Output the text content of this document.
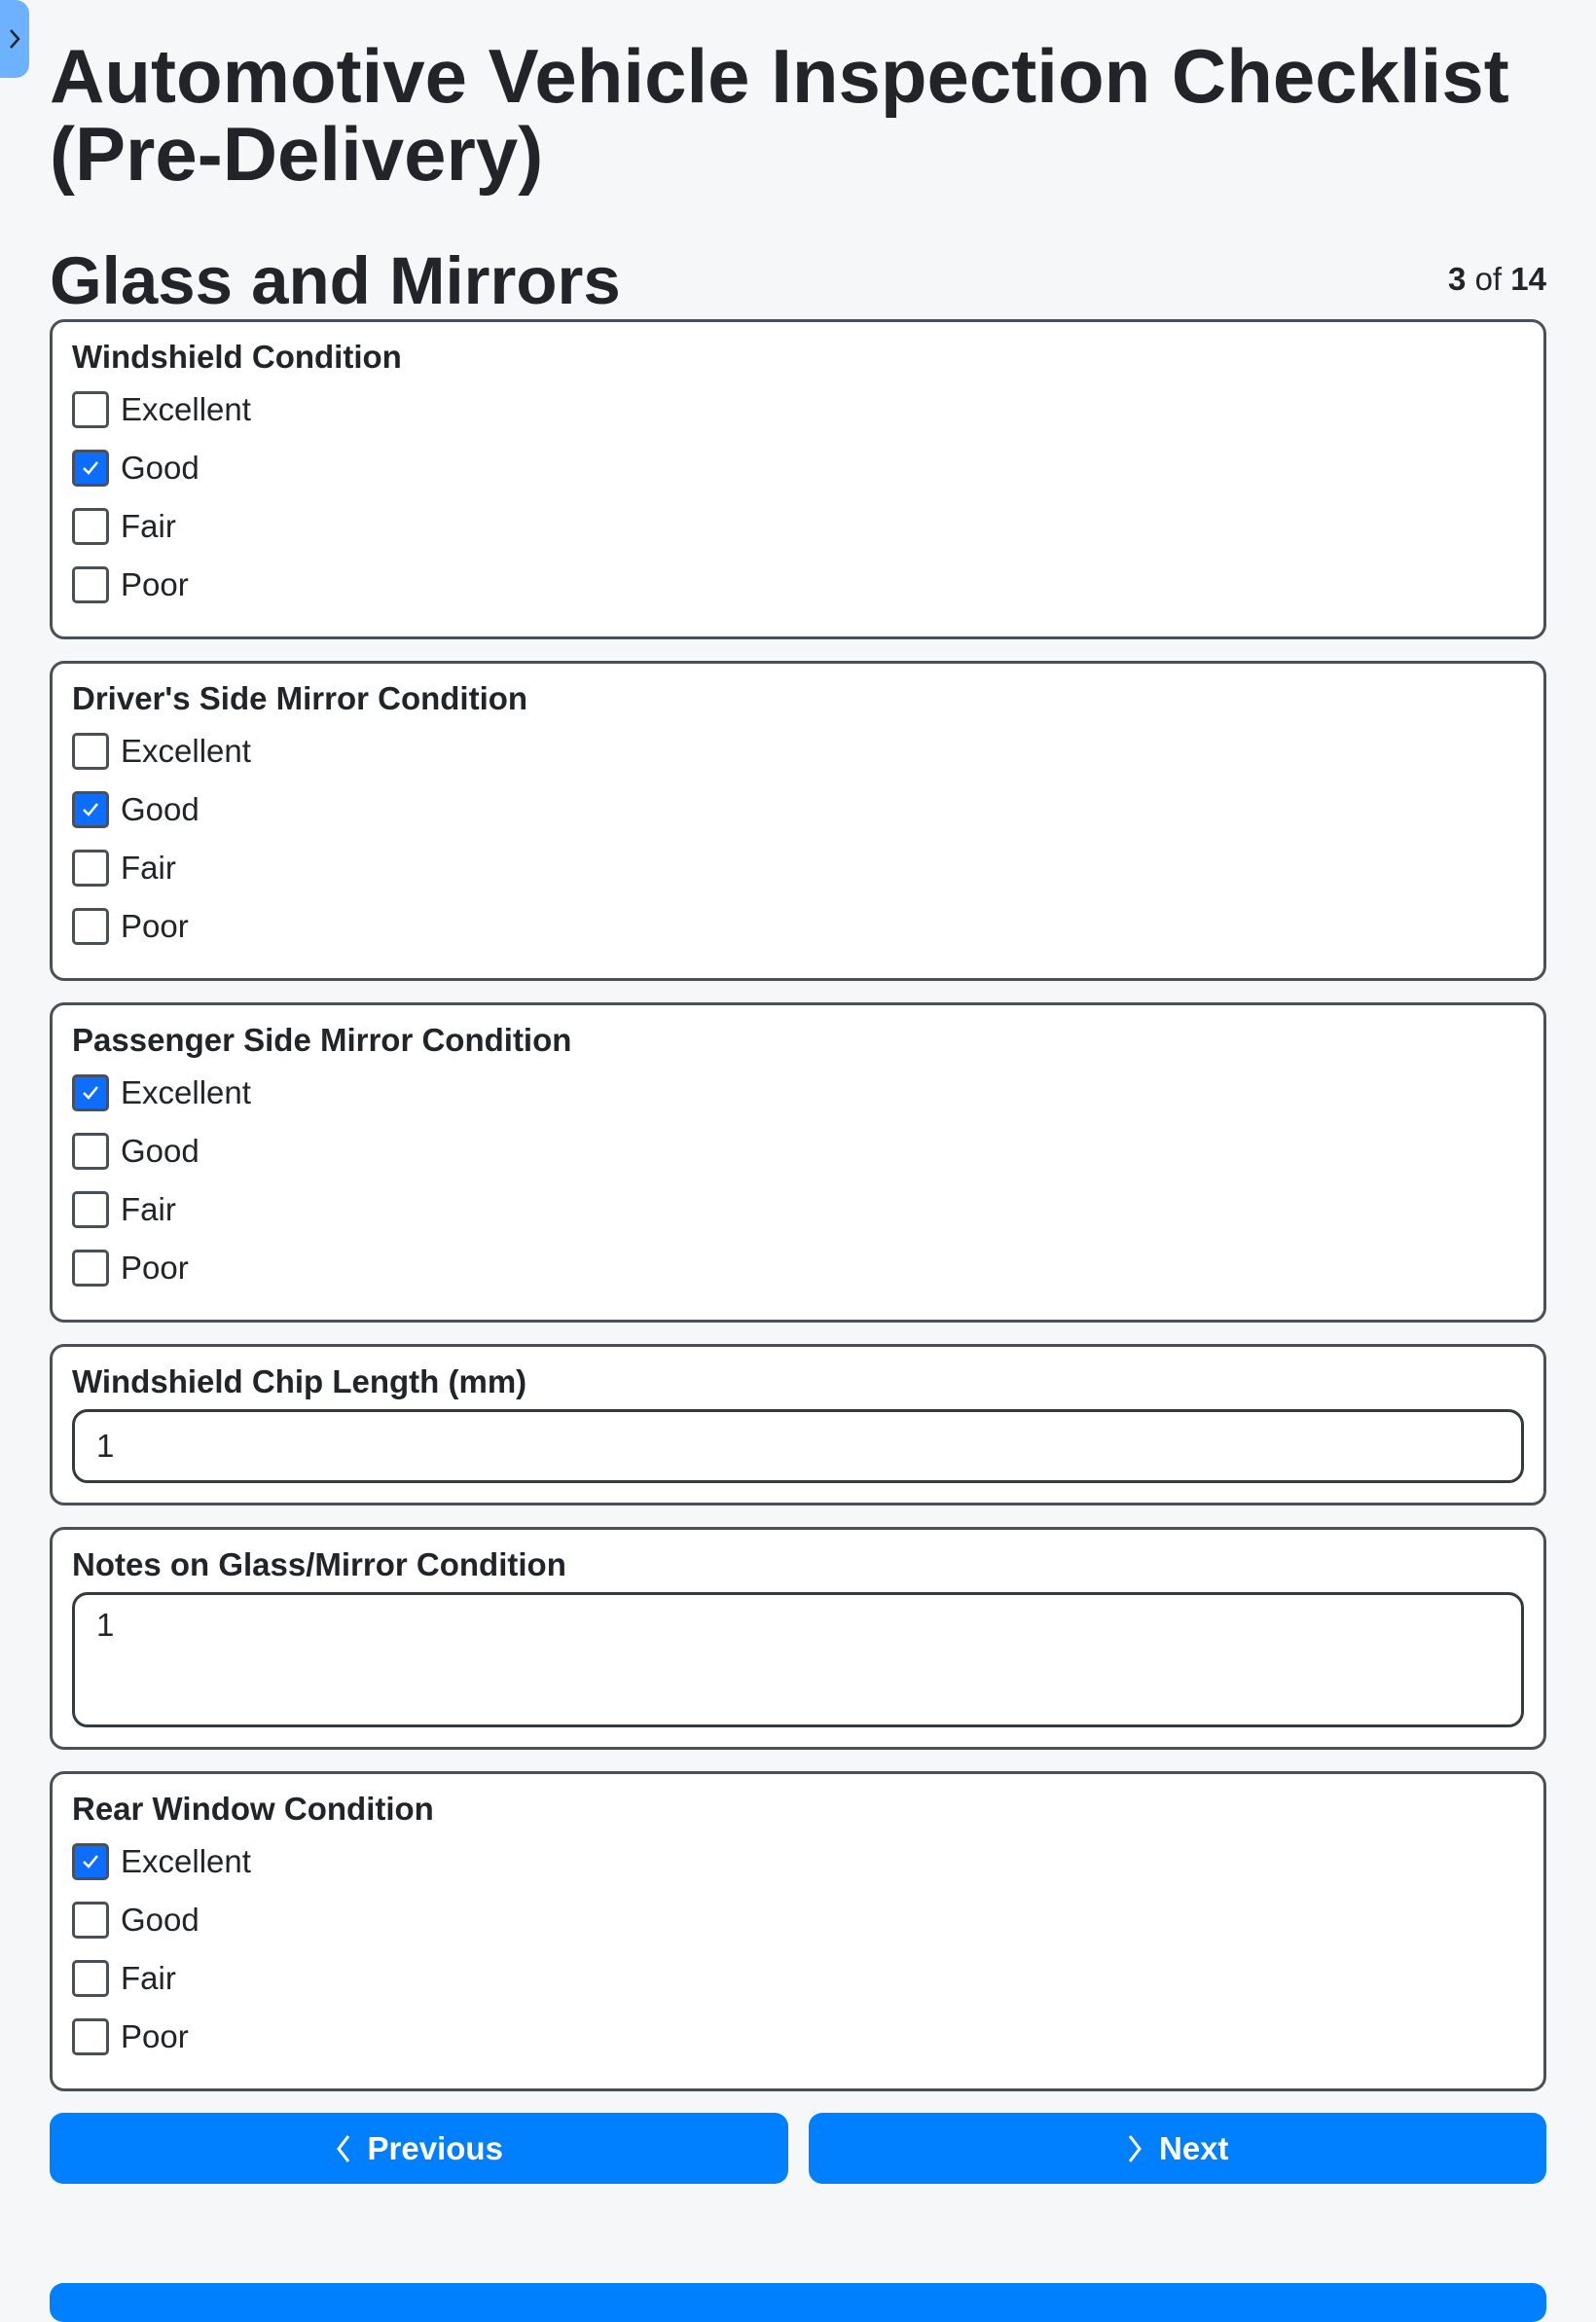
Automotive Vehicle Inspection Checklist (Pre-Delivery)
Glass and Mirrors	3 of 14
Windshield Condition
Excellent
Good
Fair
Poor
Driver's Side Mirror Condition
Excellent
Good
Fair
Poor
Passenger Side Mirror Condition
Excellent
Good
Fair
Poor
Windshield Chip Length (mm)
1
Notes on Glass/Mirror Condition
1
Rear Window Condition
Excellent
Good
Fair
Poor
Previous	Next
